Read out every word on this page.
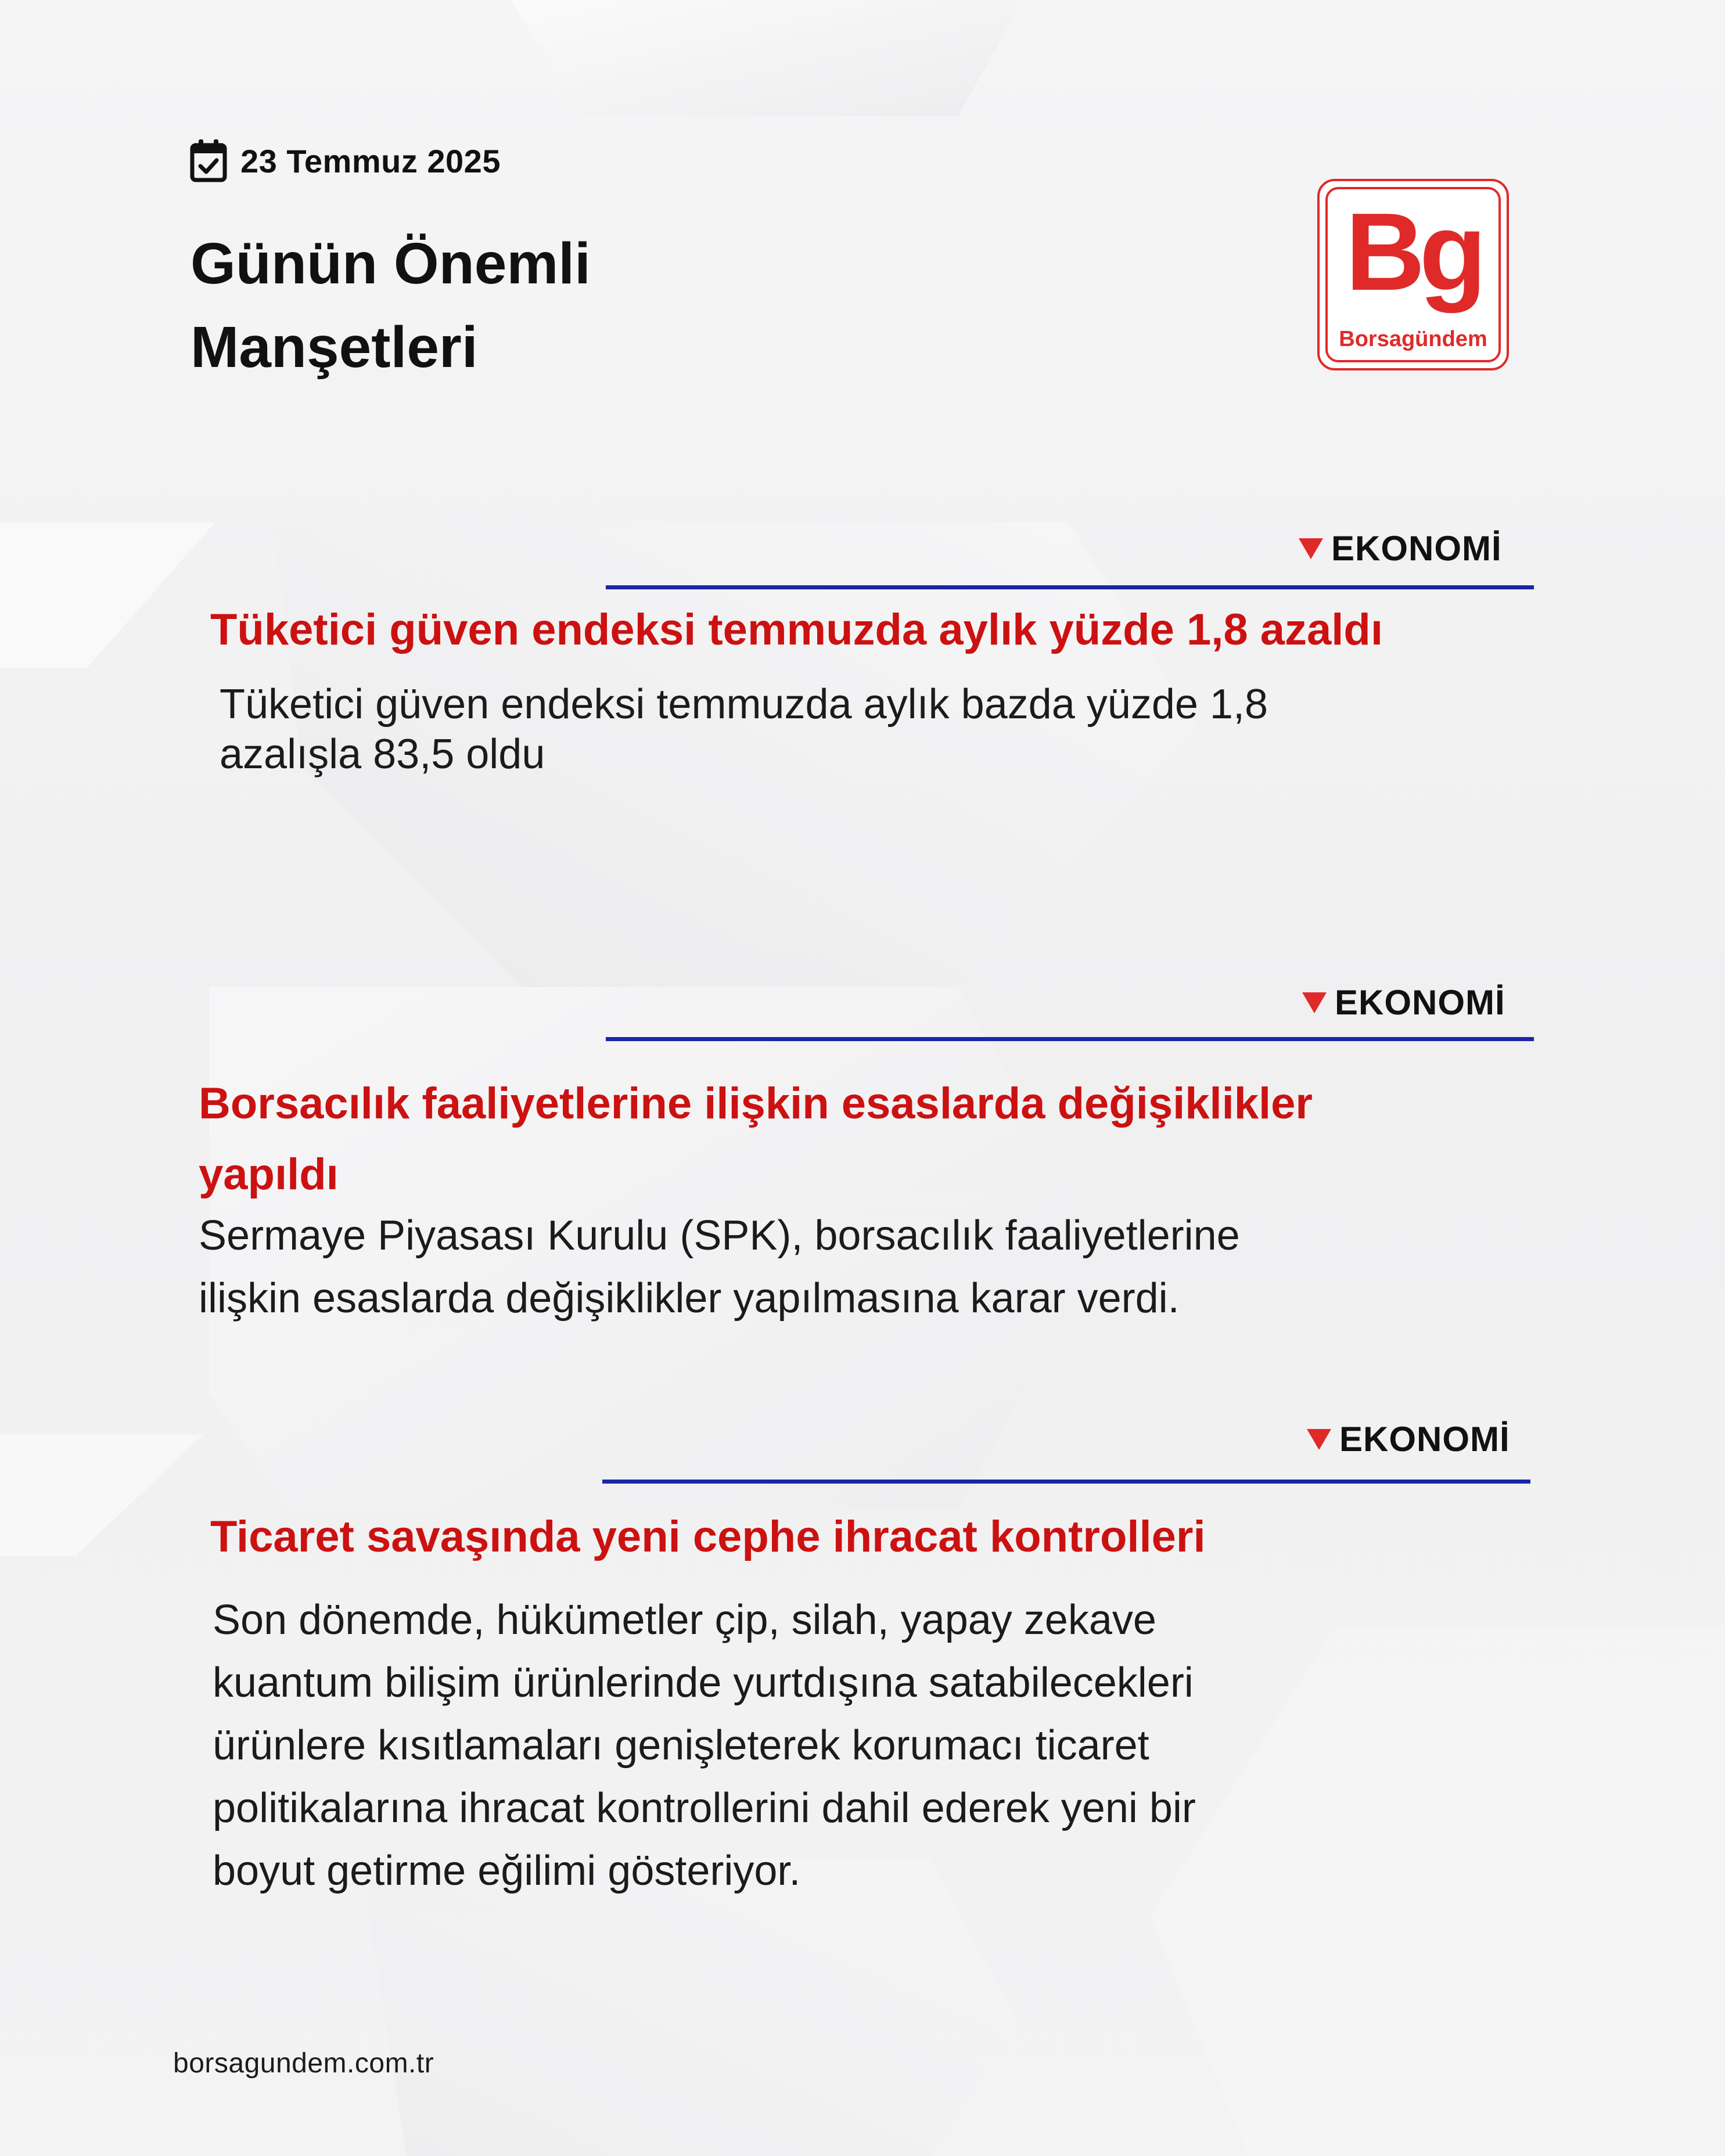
23 Temmuz 2025
Günün Önemli
Manşetleri
Bg
Borsagündem
EKONOMİ
Tüketici güven endeksi temmuzda aylık yüzde 1,8 azaldı
Tüketici güven endeksi temmuzda aylık bazda yüzde 1,8
azalışla 83,5 oldu
EKONOMİ
Borsacılık faaliyetlerine ilişkin esaslarda değişiklikler
yapıldı
Sermaye Piyasası Kurulu (SPK), borsacılık faaliyetlerine
ilişkin esaslarda değişiklikler yapılmasına karar verdi.
EKONOMİ
Ticaret savaşında yeni cephe ihracat kontrolleri
Son dönemde, hükümetler çip, silah, yapay zekave
kuantum bilişim ürünlerinde yurtdışına satabilecekleri
ürünlere kısıtlamaları genişleterek korumacı ticaret
politikalarına ihracat kontrollerini dahil ederek yeni bir
boyut getirme eğilimi gösteriyor.
borsagundem.com.tr
